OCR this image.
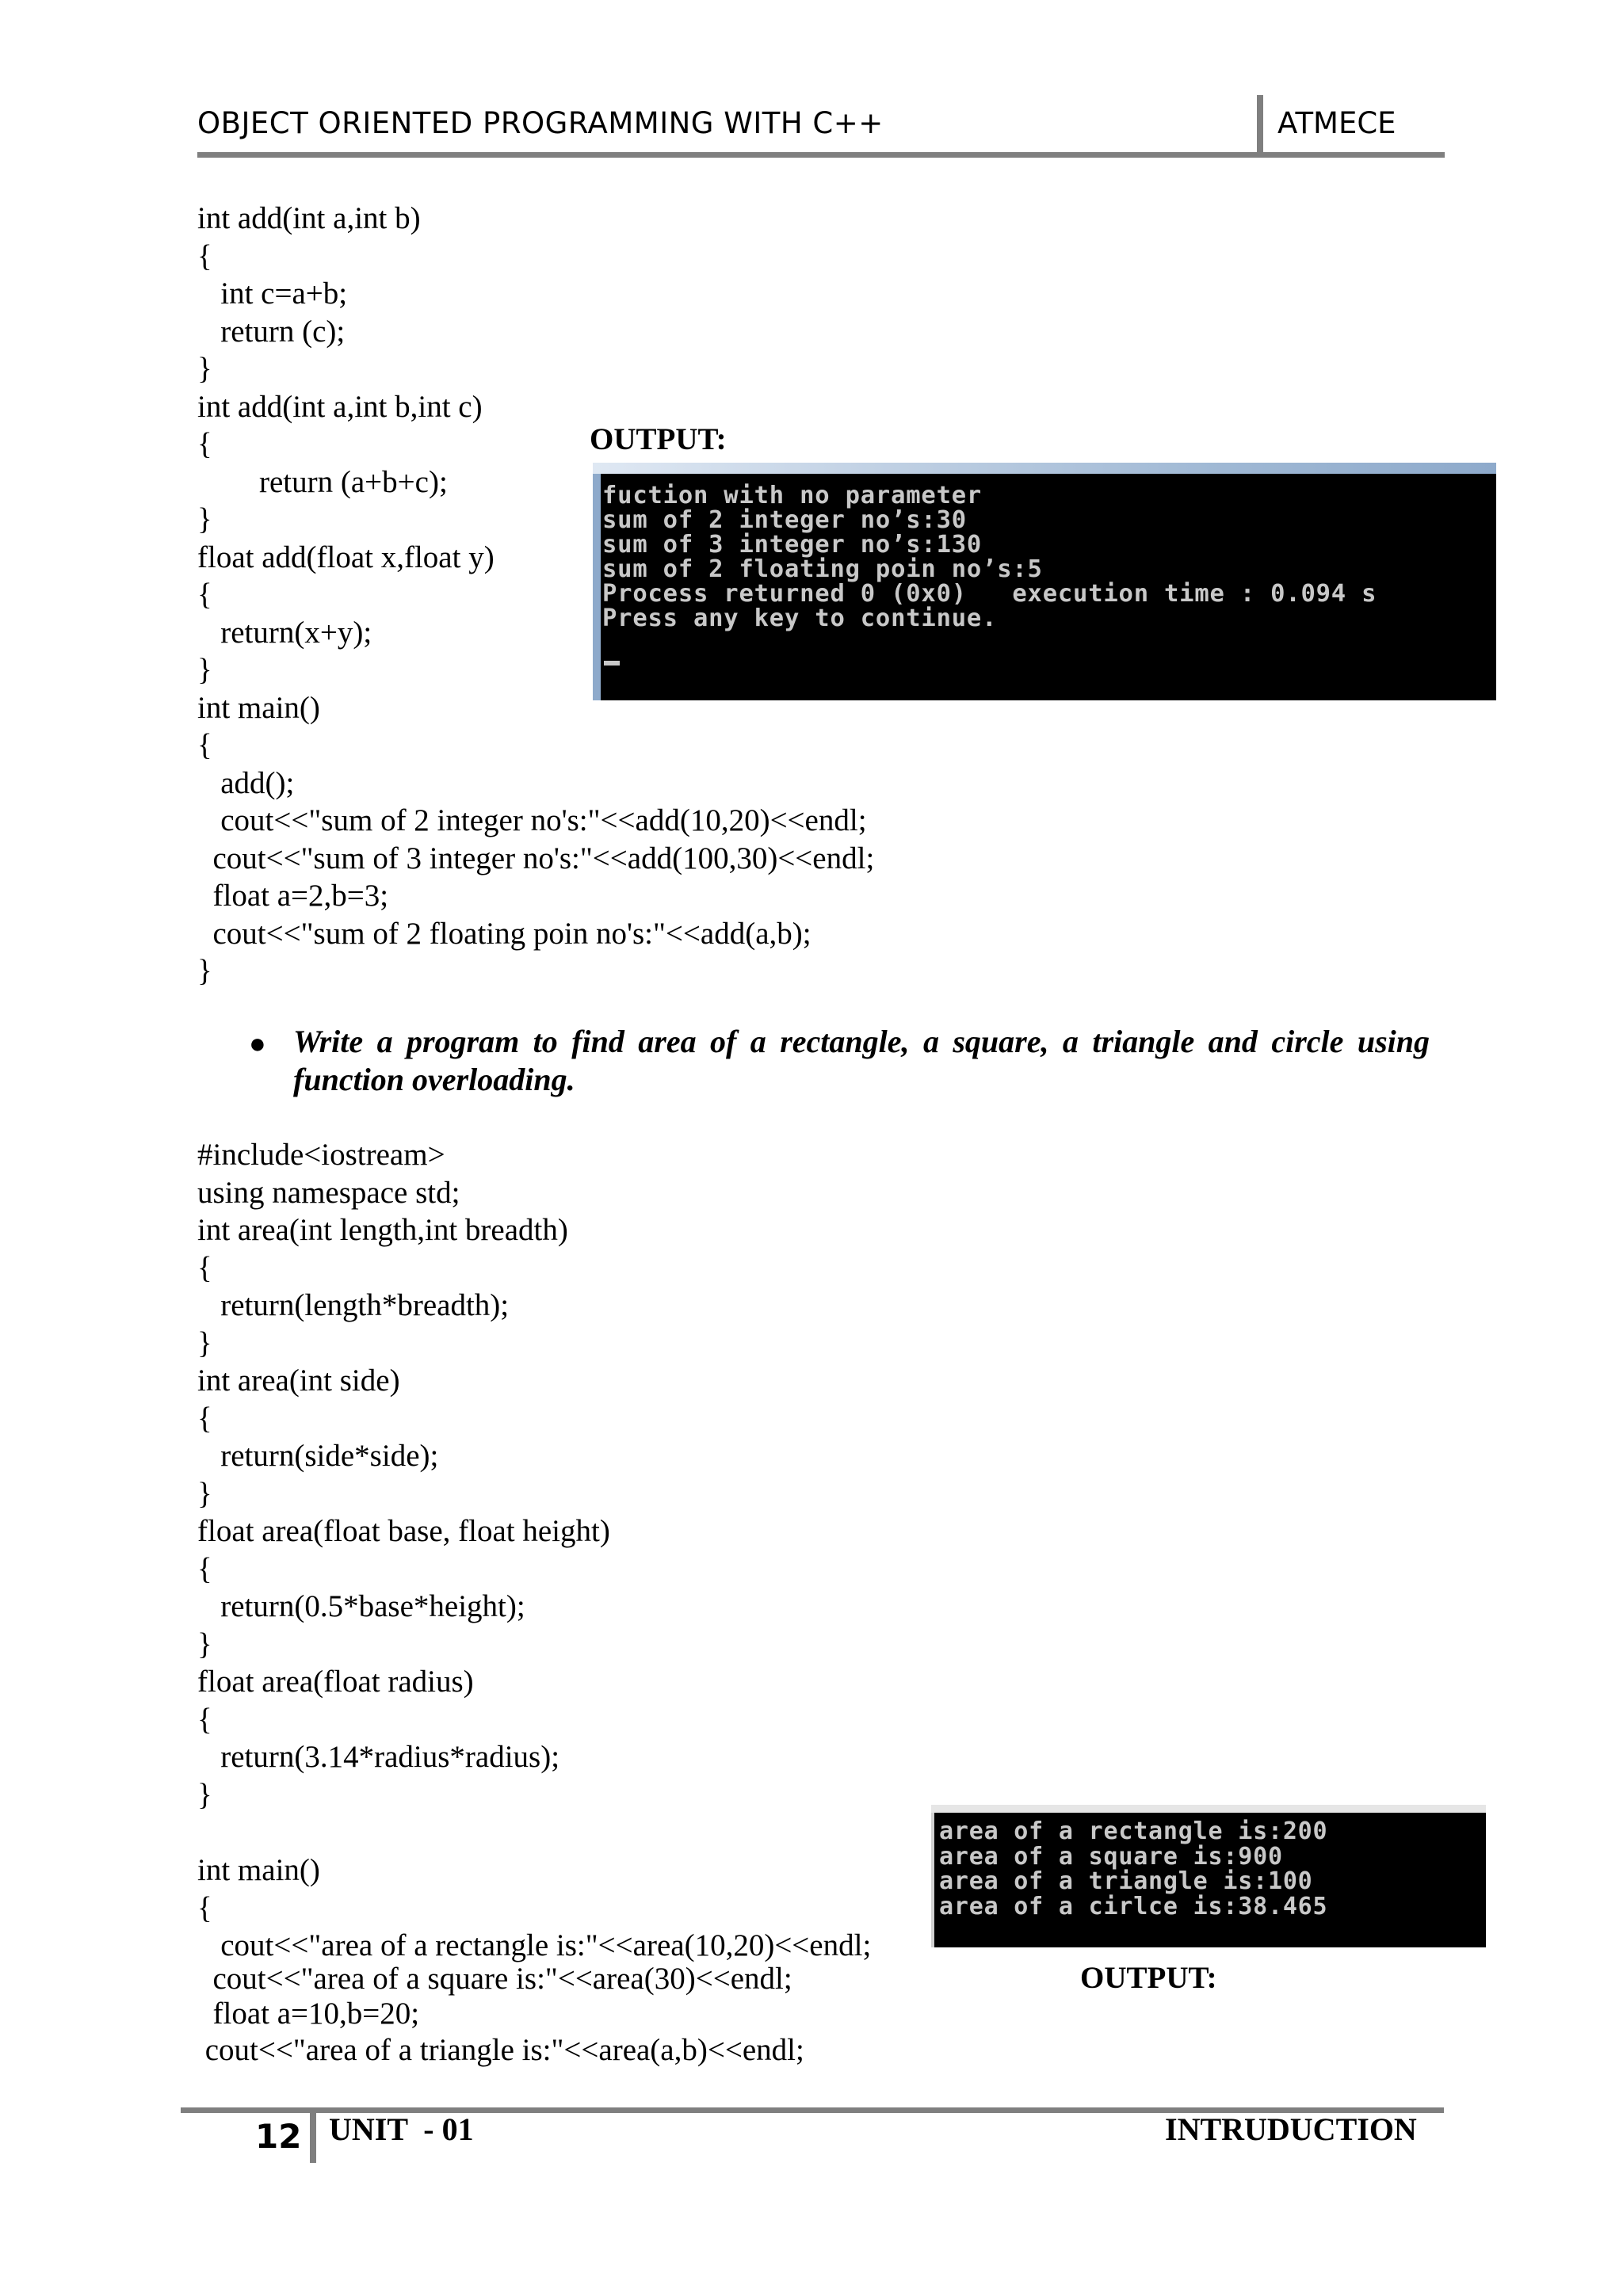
OBJECT ORIENTED PROGRAMMING WITH C++	ATMECE
int add(int a,int b)
{
int c=a+b;
return (c);
}
int add(int a,int b,int c)
{
return (a+b+c);
}
float add(float x,float y)
{
return(x+y);
}
int main()
{
add();
cout<<"sum of 2 integer no's:"<<add(10,20)<<endl;
cout<<"sum of 3 integer no's:"<<add(100,30)<<endl;
float a=2,b=3;
cout<<"sum of 2 floating poin no's:"<<add(a,b);
}
OUTPUT:
fuction with no parameter
sum of 2 integer no’s:30
sum of 3 integer no’s:130
sum of 2 floating poin no’s:5
Process returned 0 (0x0)   execution time : 0.094 s
Press any key to continue.
● Write a program to find area of a rectangle, a square, a triangle and circle using function overloading.
#include<iostream>
using namespace std;
int area(int length,int breadth)
{
return(length*breadth);
}
int area(int side)
{
return(side*side);
}
float area(float base, float height)
{
return(0.5*base*height);
}
float area(float radius)
{
return(3.14*radius*radius);
}
int main()
{
cout<<"area of a rectangle is:"<<area(10,20)<<endl;
cout<<"area of a square is:"<<area(30)<<endl;
float a=10,b=20;
cout<<"area of a triangle is:"<<area(a,b)<<endl;
area of a rectangle is:200
area of a square is:900
area of a triangle is:100
area of a cirlce is:38.465
OUTPUT:
12 UNIT  - 01	INTRUDUCTION
